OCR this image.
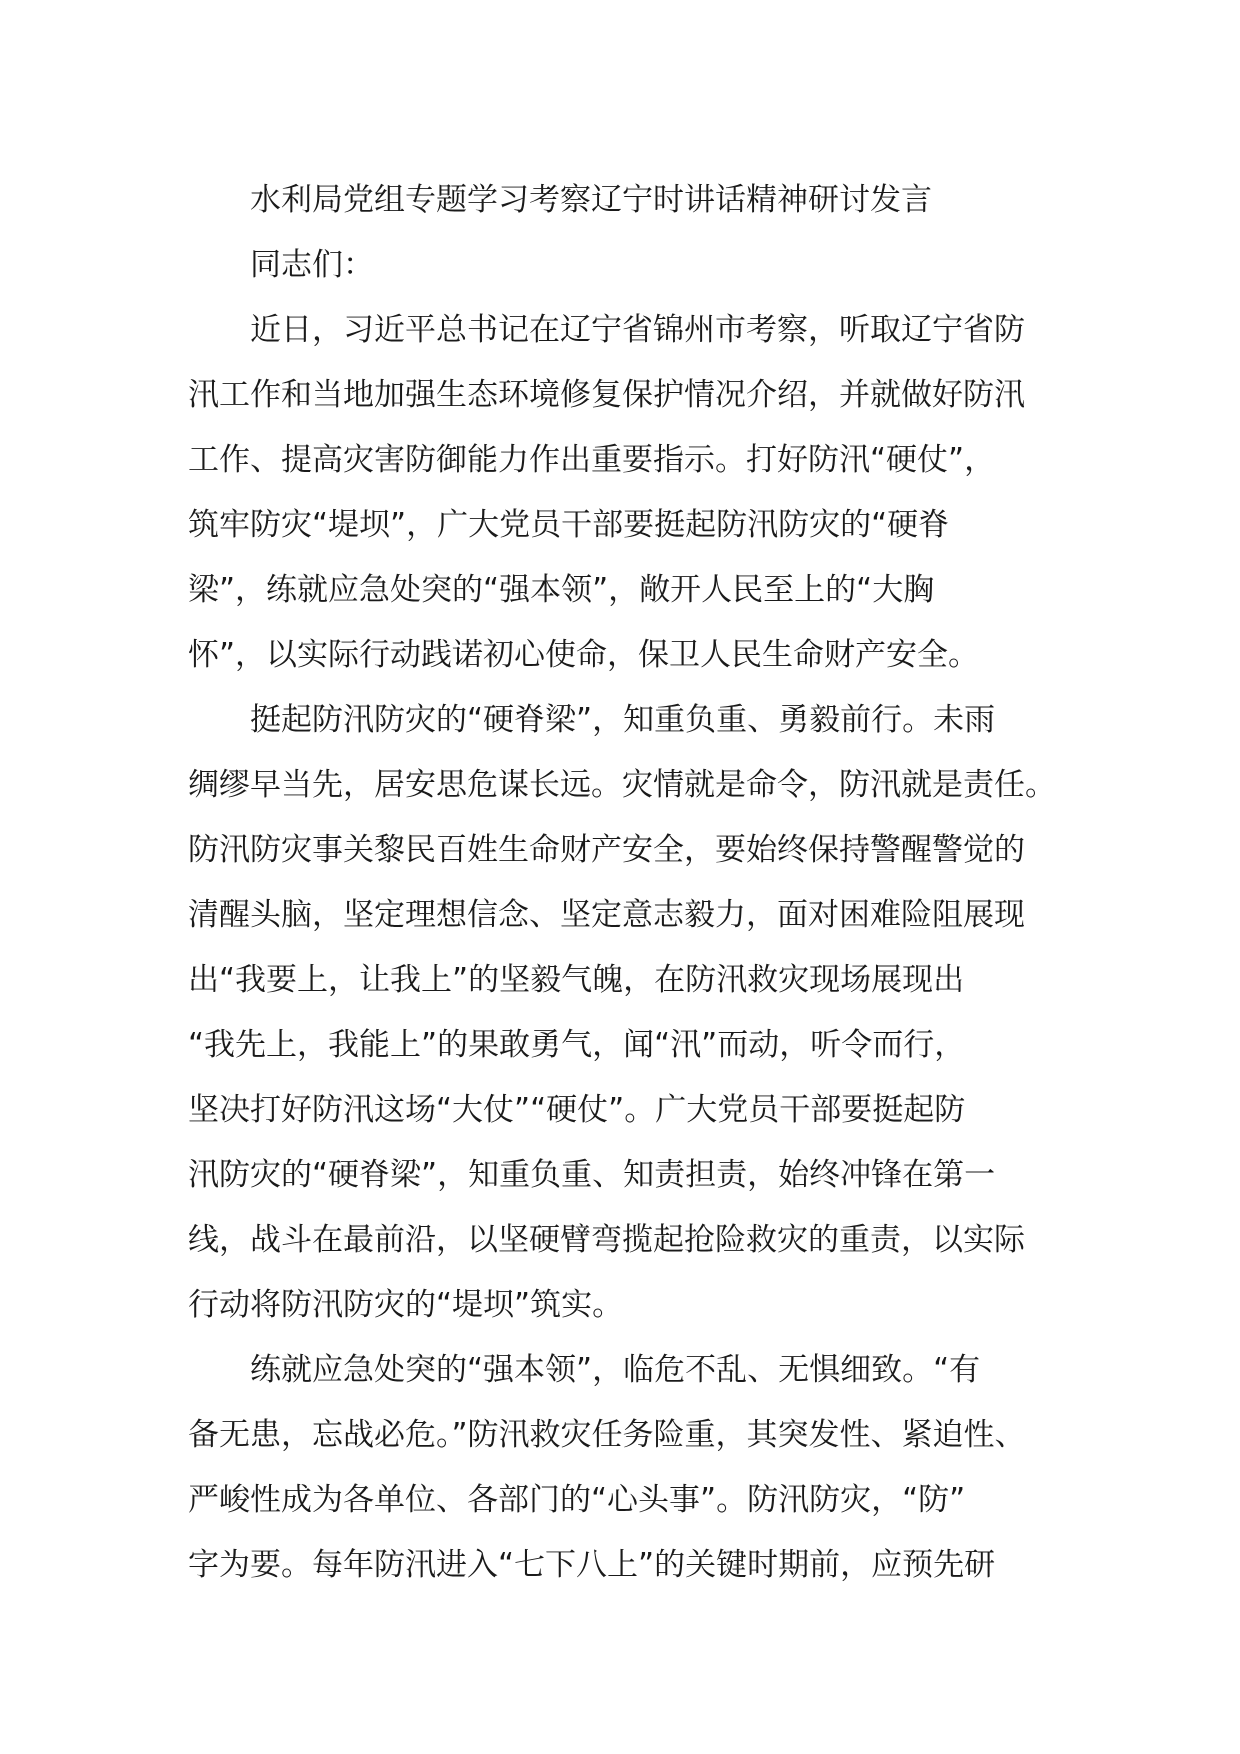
水利局党组专题学习考察辽宁时讲话精神研讨发言

同志们：

近日，习近平总书记在辽宁省锦州市考察，听取辽宁省防
汛工作和当地加强生态环境修复保护情况介绍，并就做好防汛
工作、提高灾害防御能力作出重要指示。打好防汛“硬仗”，
筑牢防灾“堤坝”，广大党员干部要挺起防汛防灾的“硬脊
梁”，练就应急处突的“强本领”，敞开人民至上的“大胸
怀”，以实际行动践诺初心使命，保卫人民生命财产安全。

挺起防汛防灾的“硬脊梁”，知重负重、勇毅前行。未雨
绸缪早当先，居安思危谋长远。灾情就是命令，防汛就是责任。
防汛防灾事关黎民百姓生命财产安全，要始终保持警醒警觉的
清醒头脑，坚定理想信念、坚定意志毅力，面对困难险阻展现
出“我要上，让我上”的坚毅气魄，在防汛救灾现场展现出
“我先上，我能上”的果敢勇气，闻“汛”而动，听令而行，
坚决打好防汛这场“大仗”“硬仗”。广大党员干部要挺起防
汛防灾的“硬脊梁”，知重负重、知责担责，始终冲锋在第一
线，战斗在最前沿，以坚硬臂弯揽起抢险救灾的重责，以实际
行动将防汛防灾的“堤坝”筑实。

练就应急处突的“强本领”，临危不乱、无惧细致。“有
备无患，忘战必危。”防汛救灾任务险重，其突发性、紧迫性、
严峻性成为各单位、各部门的“心头事”。防汛防灾，“防”
字为要。每年防汛进入“七下八上”的关键时期前，应预先研
